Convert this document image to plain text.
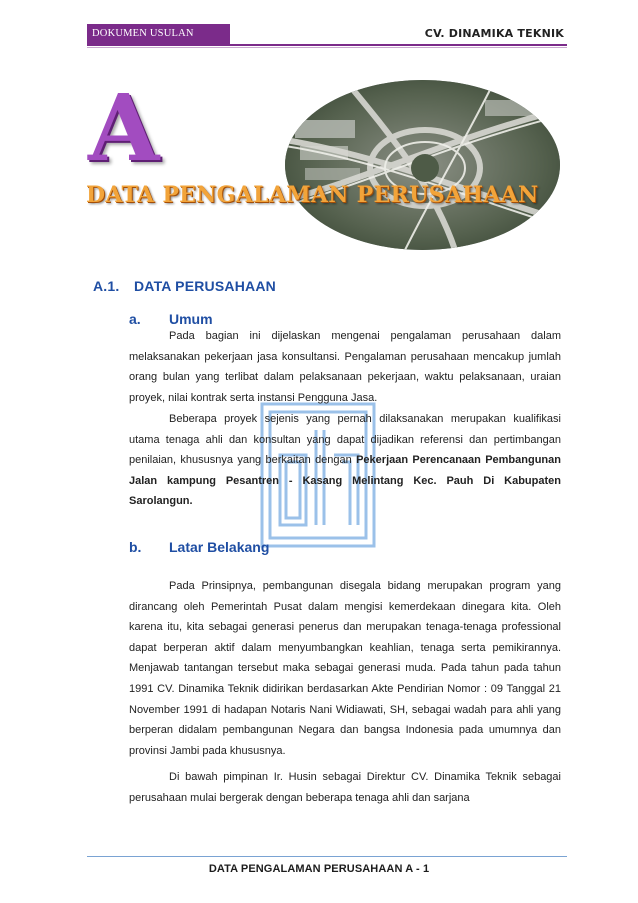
DOKUMEN USULAN TEKNIS
CV. DINAMIKA TEKNIK
A
DATA PENGALAMAN PERUSAHAAN
A.1. DATA PERUSAHAAN
a. Umum

Pada bagian ini dijelaskan mengenai pengalaman perusahaan dalam melaksanakan pekerjaan jasa konsultansi. Pengalaman perusahaan mencakup jumlah orang bulan yang terlibat dalam pelaksanaan pekerjaan, waktu pelaksanaan, uraian proyek, nilai kontrak serta instansi Pengguna Jasa.

Beberapa proyek sejenis yang pernah dilaksanakan merupakan kualifikasi utama tenaga ahli dan konsultan yang dapat dijadikan referensi dan pertimbangan penilaian, khususnya yang berkaitan dengan Pekerjaan Perencanaan Pembangunan Jalan kampung Pesantren - Kasang Melintang Kec. Pauh Di Kabupaten Sarolangun.

b. Latar Belakang

Pada Prinsipnya, pembangunan disegala bidang merupakan program yang dirancang oleh Pemerintah Pusat dalam mengisi kemerdekaan dinegara kita. Oleh karena itu, kita sebagai generasi penerus dan merupakan tenaga-tenaga professional dapat berperan aktif dalam menyumbangkan keahlian, tenaga serta pemikirannya. Menjawab tantangan tersebut maka sebagai generasi muda. Pada tahun pada tahun 1991 CV. Dinamika Teknik didirikan berdasarkan Akte Pendirian Nomor : 09 Tanggal 21 November 1991 di hadapan Notaris Nani Widiawati, SH, sebagai wadah para ahli yang berperan didalam pembangunan Negara dan bangsa Indonesia pada umumnya dan provinsi Jambi pada khususnya.

Di bawah pimpinan Ir. Husin sebagai Direktur CV. Dinamika Teknik sebagai perusahaan mulai bergerak dengan beberapa tenaga ahli dan sarjana

DATA PENGALAMAN PERUSAHAAN A - 1
